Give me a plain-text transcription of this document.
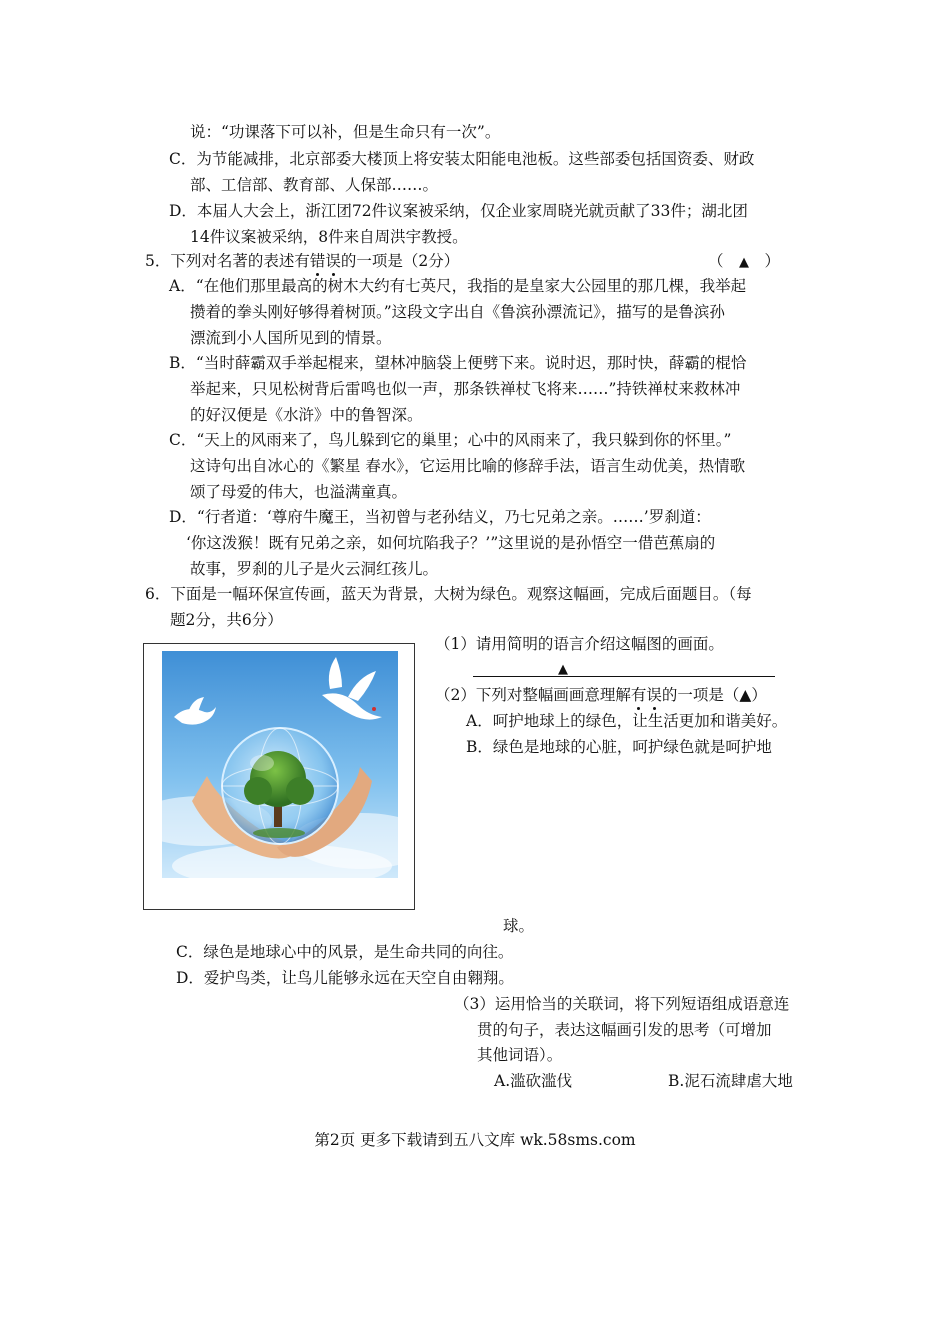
说：“功课落下可以补，但是生命只有一次”。
C．为节能减排，北京部委大楼顶上将安装太阳能电池板。这些部委包括国资委、财政
部、工信部、教育部、人保部……。
D．本届人大会上，浙江团72件议案被采纳，仅企业家周晓光就贡献了33件；湖北团
14件议案被采纳，8件来自周洪宇教授。
5．下列对名著的表述有错误的一项是（2分）	（　▲　）
A．“在他们那里最高的树木大约有七英尺，我指的是皇家大公园里的那几棵，我举起
攒着的拳头刚好够得着树顶。”这段文字出自《鲁滨孙漂流记》，描写的是鲁滨孙
漂流到小人国所见到的情景。
B．“当时薛霸双手举起棍来，望林冲脑袋上便劈下来。说时迟，那时快，薛霸的棍恰
举起来，只见松树背后雷鸣也似一声，那条铁禅杖飞将来……”持铁禅杖来救林冲
的好汉便是《水浒》中的鲁智深。
C．“天上的风雨来了，鸟儿躲到它的巢里；心中的风雨来了，我只躲到你的怀里。”
这诗句出自冰心的《繁星 春水》，它运用比喻的修辞手法，语言生动优美，热情歌
颂了母爱的伟大，也溢满童真。
D．“行者道：‘尊府牛魔王，当初曾与老孙结义，乃七兄弟之亲。……’罗刹道：
‘你这泼猴！既有兄弟之亲，如何坑陷我子？’”这里说的是孙悟空一借芭蕉扇的
故事，罗刹的儿子是火云洞红孩儿。
6．下面是一幅环保宣传画，蓝天为背景，大树为绿色。观察这幅画，完成后面题目。（每
题2分，共6分）
（1）请用简明的语言介绍这幅图的画面。
▲
（2）下列对整幅画画意理解有误的一项是（▲）
A．呵护地球上的绿色，让生活更加和谐美好。
B．绿色是地球的心脏，呵护绿色就是呵护地
球。
C．绿色是地球心中的风景，是生命共同的向往。
D．爱护鸟类，让鸟儿能够永远在天空自由翱翔。
（3）运用恰当的关联词，将下列短语组成语意连
贯的句子，表达这幅画引发的思考（可增加
其他词语）。
A.滥砍滥伐	B.泥石流肆虐大地
第2页 更多下载请到五八文库 wk.58sms.com
